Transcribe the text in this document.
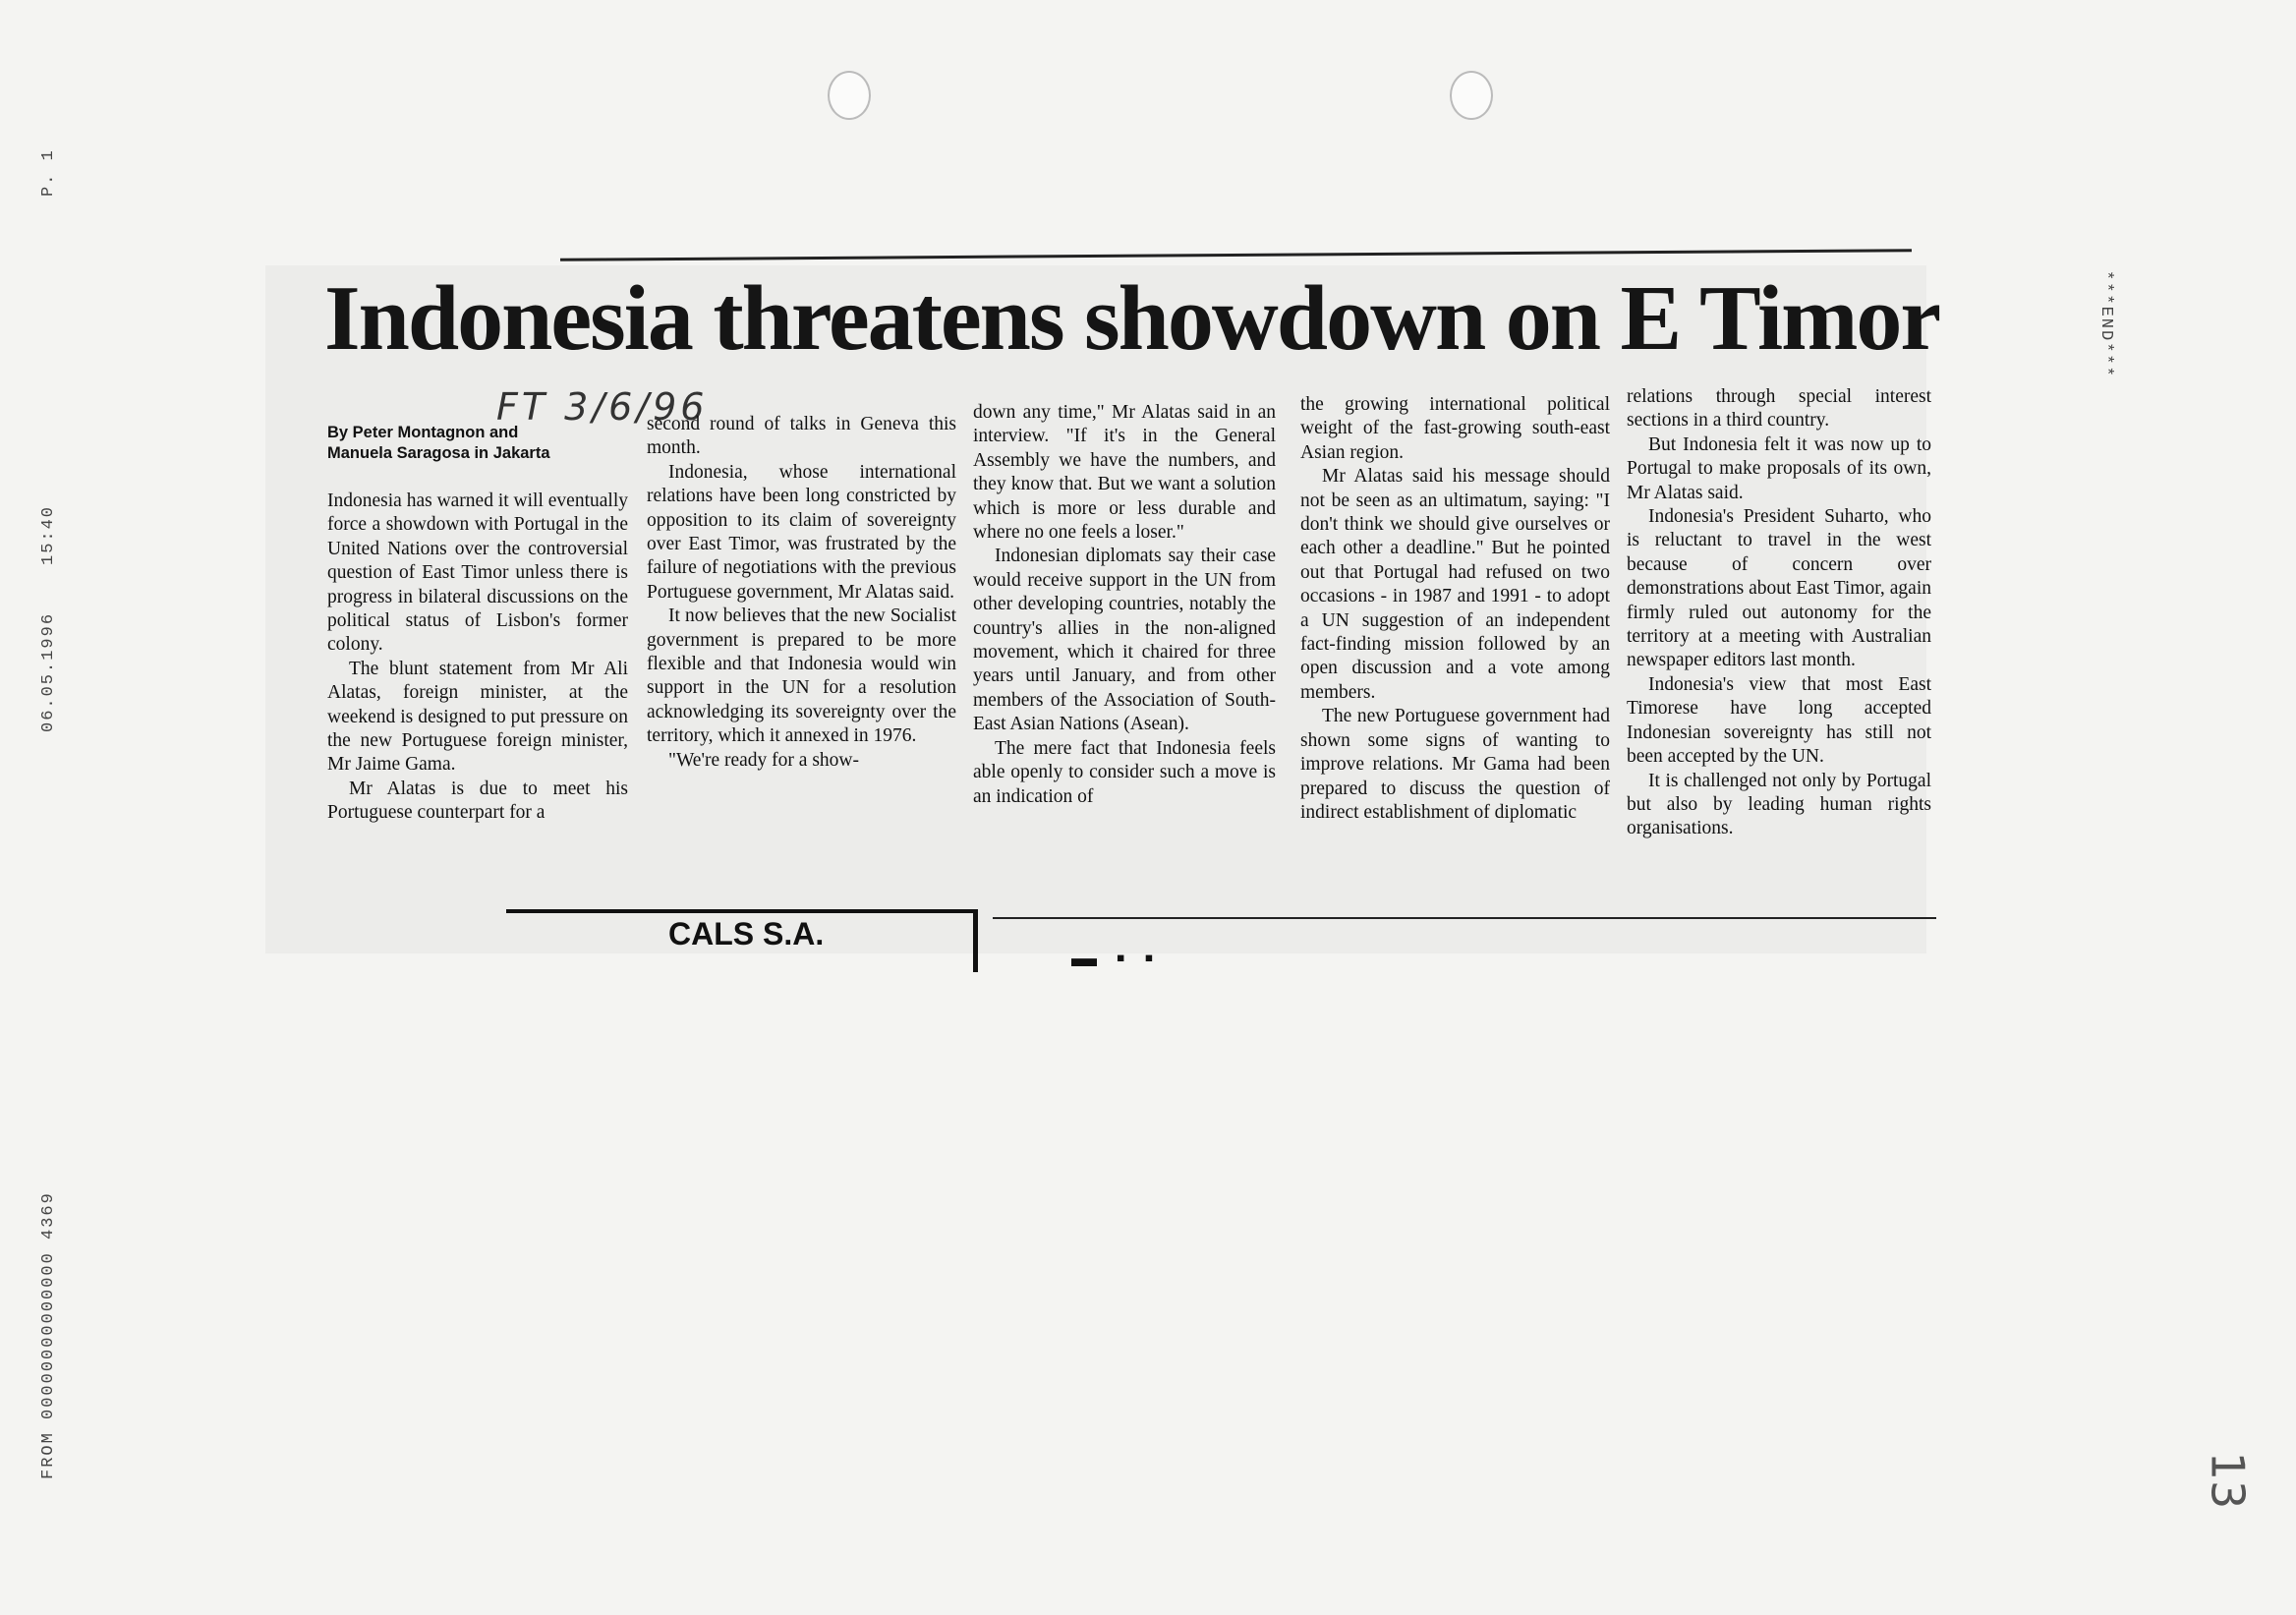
P. 1
15:40
06.05.1996
FROM 00000000000000 4369
***END***
Indonesia threatens showdown on E Timor
FT 3/6/96
By Peter Montagnon and
Manuela Saragosa in Jakarta

Indonesia has warned it will eventually force a showdown with Portugal in the United Nations over the controversial question of East Timor unless there is progress in bilateral discussions on the political status of Lisbon's former colony.

The blunt statement from Mr Ali Alatas, foreign minister, at the weekend is designed to put pressure on the new Portuguese foreign minister, Mr Jaime Gama.

Mr Alatas is due to meet his Portuguese counterpart for a

second round of talks in Geneva this month.

Indonesia, whose international relations have been long constricted by opposition to its claim of sovereignty over East Timor, was frustrated by the failure of negotiations with the previous Portuguese government, Mr Alatas said.

It now believes that the new Socialist government is prepared to be more flexible and that Indonesia would win support in the UN for a resolution acknowledging its sovereignty over the territory, which it annexed in 1976.

"We're ready for a show-

down any time," Mr Alatas said in an interview. "If it's in the General Assembly we have the numbers, and they know that. But we want a solution which is more or less durable and where no one feels a loser."

Indonesian diplomats say their case would receive support in the UN from other developing countries, notably the country's allies in the non-aligned movement, which it chaired for three years until January, and from other members of the Association of South-East Asian Nations (Asean).

The mere fact that Indonesia feels able openly to consider such a move is an indication of

the growing international political weight of the fast-growing south-east Asian region.

Mr Alatas said his message should not be seen as an ultimatum, saying: "I don't think we should give ourselves or each other a deadline." But he pointed out that Portugal had refused on two occasions - in 1987 and 1991 - to adopt a UN suggestion of an independent fact-finding mission followed by an open discussion and a vote among members.

The new Portuguese government had shown some signs of wanting to improve relations. Mr Gama had been prepared to discuss the question of indirect establishment of diplomatic

relations through special interest sections in a third country.

But Indonesia felt it was now up to Portugal to make proposals of its own, Mr Alatas said.

Indonesia's President Suharto, who is reluctant to travel in the west because of concern over demonstrations about East Timor, again firmly ruled out autonomy for the territory at a meeting with Australian newspaper editors last month.

Indonesia's view that most East Timorese have long accepted Indonesian sovereignty has still not been accepted by the UN.

It is challenged not only by Portugal but also by leading human rights organisations.

CALS S.A.
▬   ▪   ▪
13
